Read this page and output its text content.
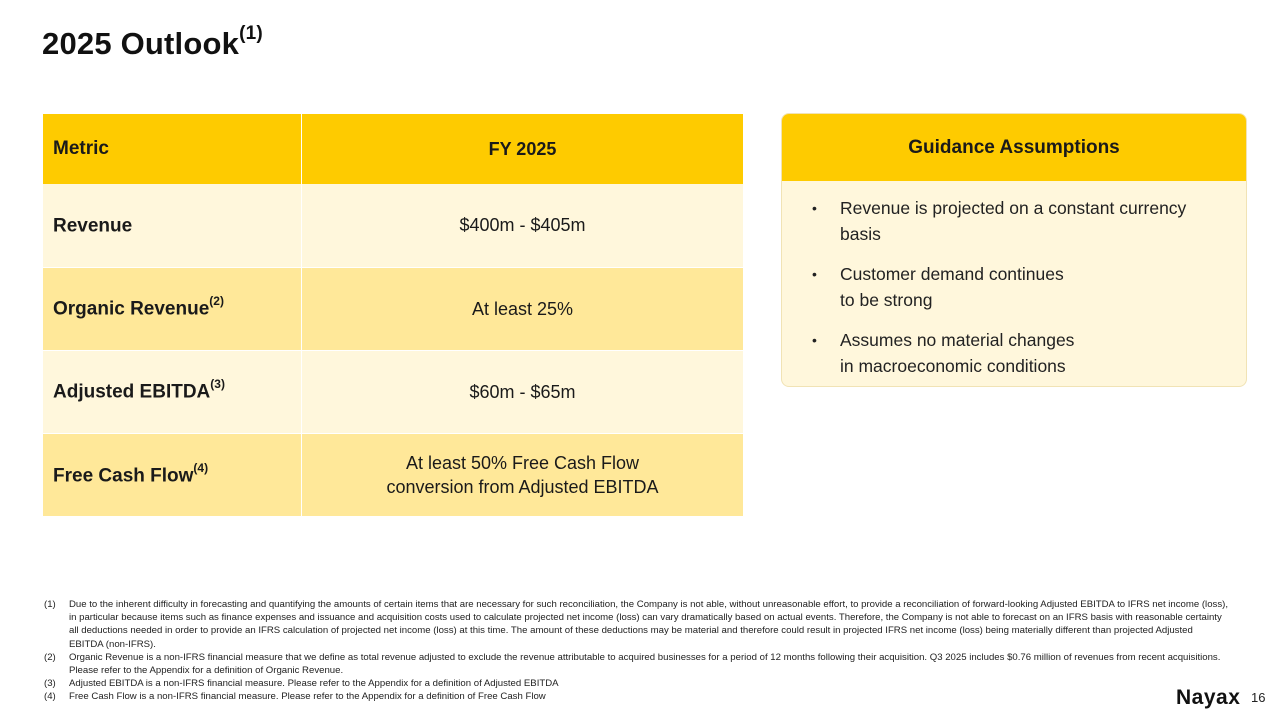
2025 Outlook$^{(1)}$
Metric	FY 2025
Revenue	$400m - $405m

Organic Revenue$^{(2)}$	At least 25%

Adjusted EBITDA$^{(3)}$	$60m - $65m

Free Cash Flow$^{(4)}$	At least 50% Free Cash Flow
conversion from Adjusted EBITDA
Guidance Assumptions
• Revenue is projected on a constant currency
basis
• Customer demand continues
to be strong
• Assumes no material changes
in macroeconomic conditions
(1) Due to the inherent difficulty in forecasting and quantifying the amounts of certain items that are necessary for such reconciliation, the Company is not able, without unreasonable effort, to provide a reconciliation of forward-looking Adjusted EBITDA to IFRS net income (loss), in particular because items such as finance expenses and issuance and acquisition costs used to calculate projected net income (loss) can vary dramatically based on actual events. Therefore, the Company is not able to forecast on an IFRS basis with reasonable certainty all deductions needed in order to provide an IFRS calculation of projected net income (loss) at this time. The amount of these deductions may be material and therefore could result in projected IFRS net income (loss) being materially different than projected Adjusted EBITDA (non-IFRS).
(2) Organic Revenue is a non-IFRS financial measure that we define as total revenue adjusted to exclude the revenue attributable to acquired businesses for a period of 12 months following their acquisition. Q3 2025 includes $0.76 million of revenues from recent acquisitions. Please refer to the Appendix for a definition of Organic Revenue.
(3) Adjusted EBITDA is a non-IFRS financial measure. Please refer to the Appendix for a definition of Adjusted EBITDA
(4) Free Cash Flow is a non-IFRS financial measure. Please refer to the Appendix for a definition of Free Cash Flow	Nayax 16
